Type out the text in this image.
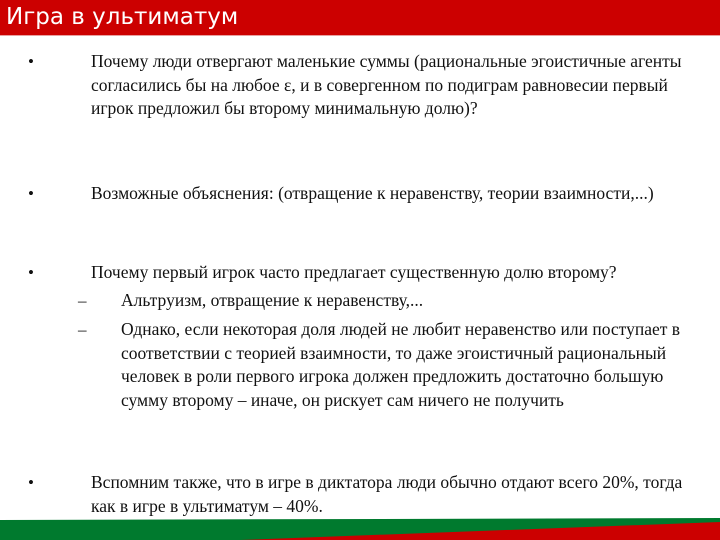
Игра в ультиматум
•	Почему люди отвергают маленькие суммы (рациональные эгоистичные агенты согласились бы на любое ε, и в совергенном по подиграм равновесии первый игрок предложил бы второму минимальную долю)?
•	Возможные объяснения: (отвращение к неравенству, теории взаимности,...)
•	Почему первый игрок часто предлагает существенную долю второму?
– Альтруизм, отвращение к неравенству,...
– Однако, если некоторая доля людей не любит неравенство или поступает в соответствии с теорией взаимности, то даже эгоистичный рациональный человек в роли первого игрока должен предложить достаточно большую сумму второму – иначе, он рискует сам ничего не получить
•	Вспомним также, что в игре в диктатора люди обычно отдают всего 20%, тогда как в игре в ультиматум – 40%.
